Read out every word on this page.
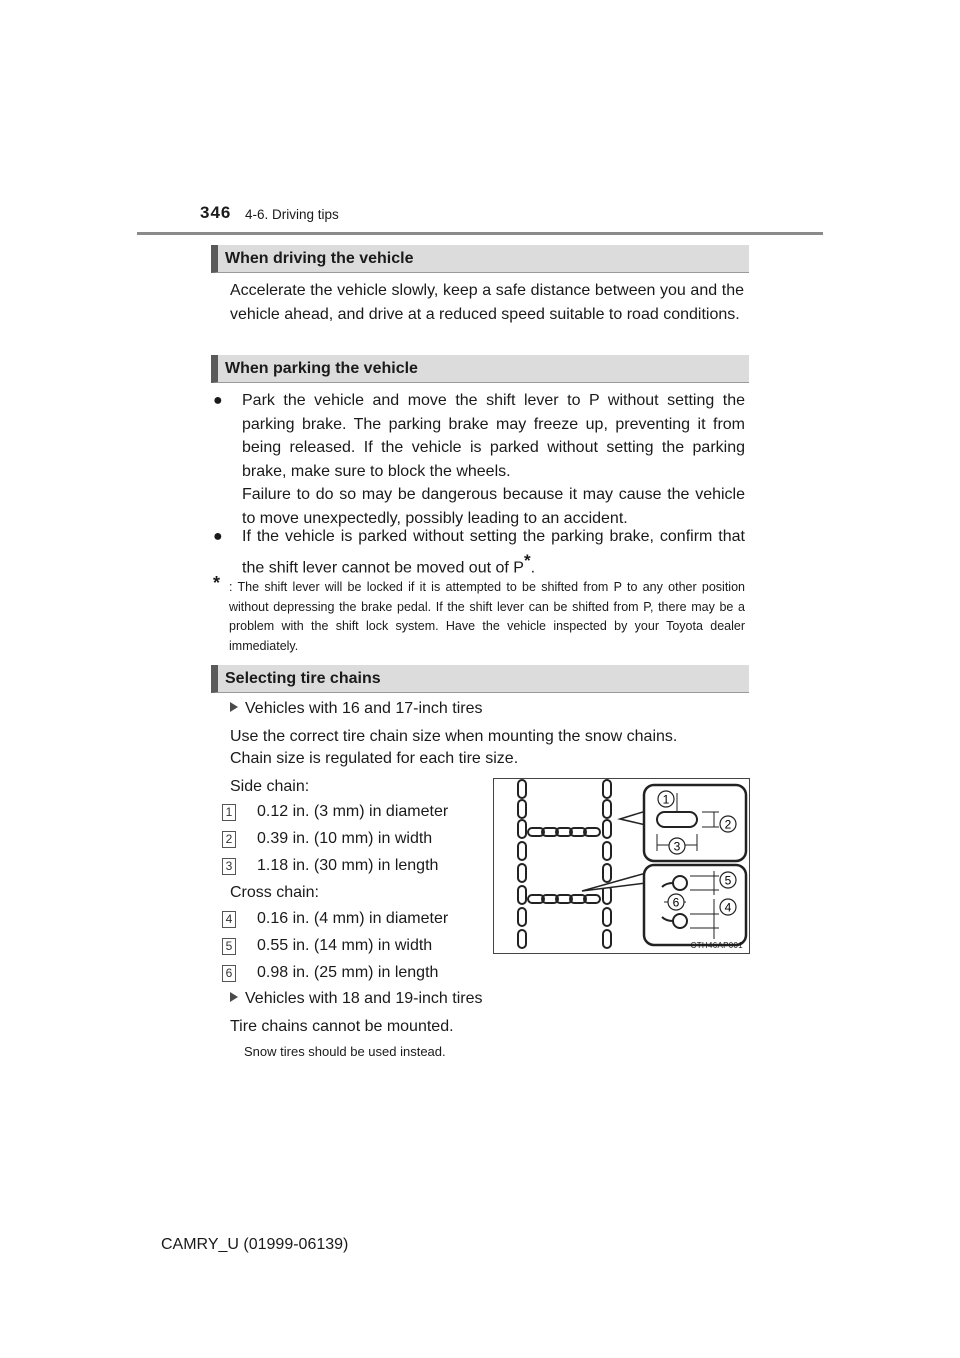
346 4-6. Driving tips
When driving the vehicle
Accelerate the vehicle slowly, keep a safe distance between you and the vehicle ahead, and drive at a reduced speed suitable to road conditions.
When parking the vehicle
● Park the vehicle and move the shift lever to P without setting the parking brake. The parking brake may freeze up, preventing it from being released. If the vehicle is parked without setting the parking brake, make sure to block the wheels.
Failure to do so may be dangerous because it may cause the vehicle to move unexpectedly, possibly leading to an accident.
● If the vehicle is parked without setting the parking brake, confirm that the shift lever cannot be moved out of P*.
* : The shift lever will be locked if it is attempted to be shifted from P to any other position without depressing the brake pedal. If the shift lever can be shifted from P, there may be a problem with the shift lock system. Have the vehicle inspected by your Toyota dealer immediately.
Selecting tire chains
Vehicles with 16 and 17-inch tires
Use the correct tire chain size when mounting the snow chains.
Chain size is regulated for each tire size.
Side chain:
1 0.12 in. (3 mm) in diameter
2 0.39 in. (10 mm) in width
3 1.18 in. (30 mm) in length
Cross chain:
4 0.16 in. (4 mm) in diameter
5 0.55 in. (14 mm) in width
6 0.98 in. (25 mm) in length
Vehicles with 18 and 19-inch tires
Tire chains cannot be mounted.
Snow tires should be used instead.
1
2
3
5
6	4
CTH46AP001
CAMRY_U (01999-06139)
